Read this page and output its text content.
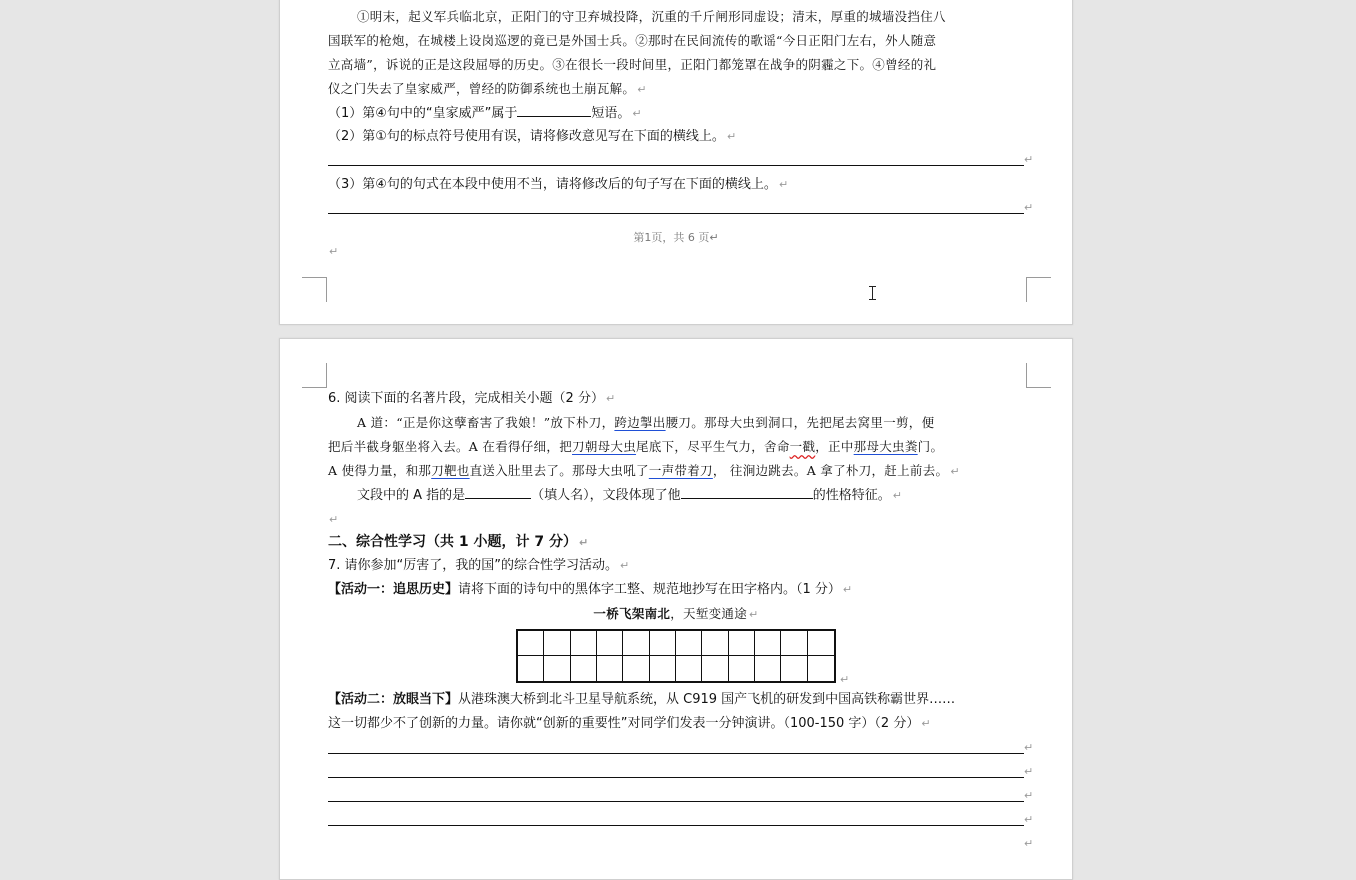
①明末，起义军兵临北京，正阳门的守卫弃城投降，沉重的千斤闸形同虚设；清末，厚重的城墙没挡住八
国联军的枪炮，在城楼上设岗巡逻的竟已是外国士兵。②那时在民间流传的歌谣“今日正阳门左右，外人随意
立高墙”，诉说的正是这段屈辱的历史。③在很长一段时间里，正阳门都笼罩在战争的阴霾之下。④曾经的礼
仪之门失去了皇家威严，曾经的防御系统也土崩瓦解。 ↵
（1）第④句中的“皇家威严”属于	短语。 ↵
（2）第①句的标点符号使用有误，请将修改意见写在下面的横线上。 ↵
↵
（3）第④句的句式在本段中使用不当，请将修改后的句子写在下面的横线上。 ↵
↵
第1页，共 6 页↵
↵
6. 阅读下面的名著片段，完成相关小题（2 分） ↵
A 道：“正是你这孽畜害了我娘！”放下朴刀，跨边掣出腰刀。那母大虫到洞口，先把尾去窝里一剪，便
把后半截身躯坐将入去。A 在看得仔细，把刀朝母大虫尾底下，尽平生气力，舍命一戳，正中那母大虫粪门。
A 使得力量，和那刀靶也直送入肚里去了。那母大虫吼了一声带着刀， 往涧边跳去。A 拿了朴刀，赶上前去。 ↵
文段中的 A 指的是	（填人名），文段体现了他	的性格特征。 ↵
↵
二、综合性学习（共 1 小题，计 7 分） ↵
7. 请你参加“厉害了，我的国”的综合性学习活动。 ↵
【活动一：追思历史】请将下面的诗句中的黑体字工整、规范地抄写在田字格内。（1 分） ↵
一桥飞架南北，天堑变通途 ↵
↵
【活动二：放眼当下】从港珠澳大桥到北斗卫星导航系统，从 C919 国产飞机的研发到中国高铁称霸世界……
这一切都少不了创新的力量。请你就“创新的重要性”对同学们发表一分钟演讲。（100-150 字）（2 分） ↵
↵
↵
↵
↵
↵
